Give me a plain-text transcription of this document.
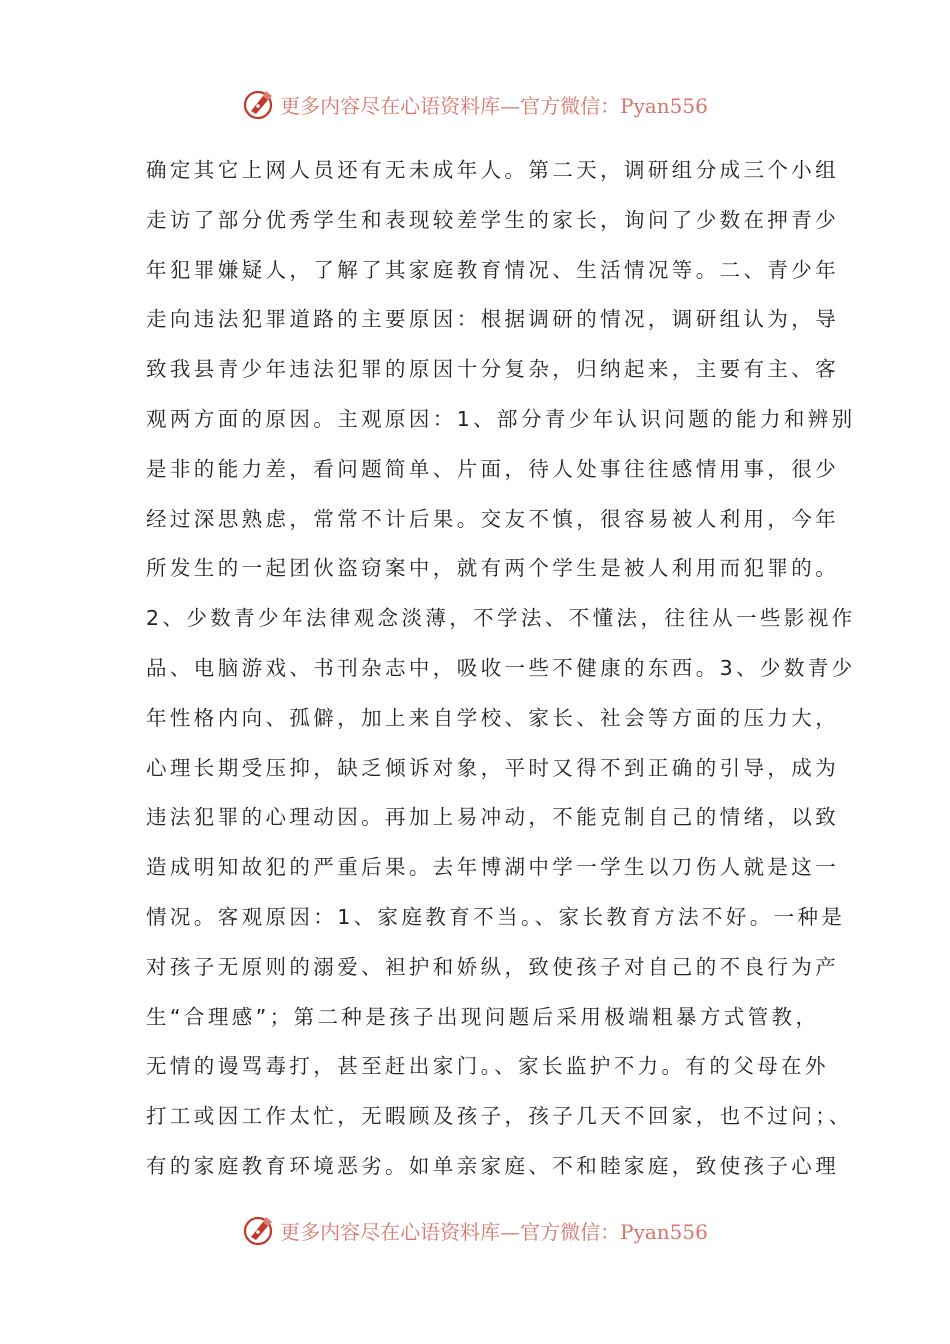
更多内容尽在心语资料库—官方微信：Pyan556
确定其它上网人员还有无未成年人。第二天，调研组分成三个小组
走访了部分优秀学生和表现较差学生的家长，询问了少数在押青少
年犯罪嫌疑人，了解了其家庭教育情况、生活情况等。二、青少年
走向违法犯罪道路的主要原因：根据调研的情况，调研组认为，导
致我县青少年违法犯罪的原因十分复杂，归纳起来，主要有主、客
观两方面的原因。主观原因：1、部分青少年认识问题的能力和辨别
是非的能力差，看问题简单、片面，待人处事往往感情用事，很少
经过深思熟虑，常常不计后果。交友不慎，很容易被人利用，今年
所发生的一起团伙盗窃案中，就有两个学生是被人利用而犯罪的。
2、少数青少年法律观念淡薄，不学法、不懂法，往往从一些影视作
品、电脑游戏、书刊杂志中，吸收一些不健康的东西。3、少数青少
年性格内向、孤僻，加上来自学校、家长、社会等方面的压力大，
心理长期受压抑，缺乏倾诉对象，平时又得不到正确的引导，成为
违法犯罪的心理动因。再加上易冲动，不能克制自己的情绪，以致
造成明知故犯的严重后果。去年博湖中学一学生以刀伤人就是这一
情况。客观原因：1、家庭教育不当。、家长教育方法不好。一种是
对孩子无原则的溺爱、袒护和娇纵，致使孩子对自己的不良行为产
生“合理感”；第二种是孩子出现问题后采用极端粗暴方式管教，
无情的谩骂毒打，甚至赶出家门。、家长监护不力。有的父母在外
打工或因工作太忙，无暇顾及孩子，孩子几天不回家，也不过问；、
有的家庭教育环境恶劣。如单亲家庭、不和睦家庭，致使孩子心理
更多内容尽在心语资料库—官方微信：Pyan556
